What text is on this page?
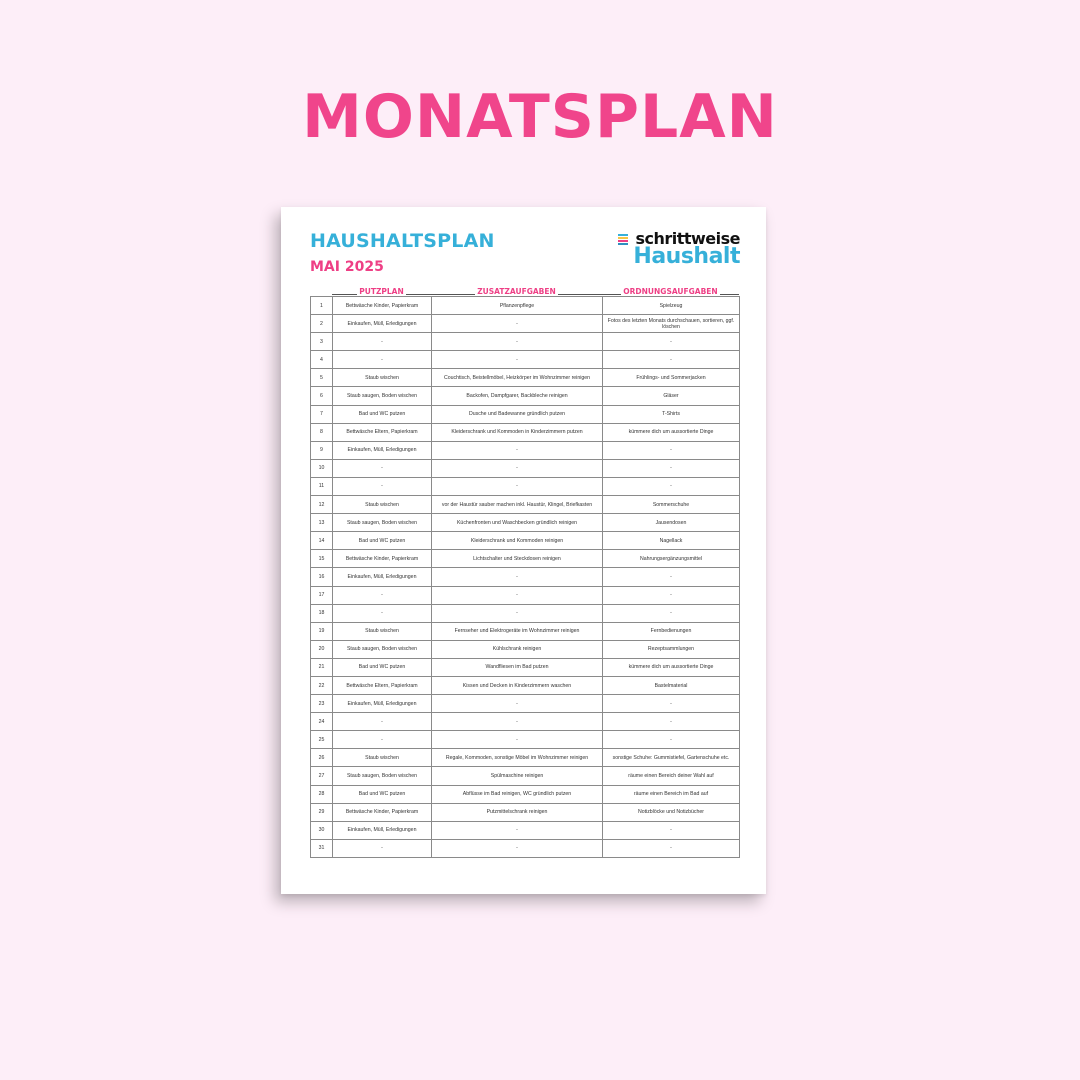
MONATSPLAN
HAUSHALTSPLAN
MAI 2025
schrittweise
Haushalt
PUTZPLAN	ZUSATZAUFGABEN	ORDNUNGSAUFGABEN
1	Bettwäsche Kinder, Papierkram	Pflanzenpflege	Spielzeug
2	Einkaufen, Müll, Erledigungen	-	Fotos des letzten Monats durchschauen, sortieren, ggf. löschen
3	-	-	-
4	-	-	-
5	Staub wischen	Couchtisch, Beistellmöbel, Heizkörper im Wohnzimmer reinigen	Frühlings- und Sommerjacken
6	Staub saugen, Boden wischen	Backofen, Dampfgarer, Backbleche reinigen	Gläser
7	Bad und WC putzen	Dusche und Badewanne gründlich putzen	T-Shirts
8	Bettwäsche Eltern, Papierkram	Kleiderschrank und Kommoden in Kinderzimmern putzen	kümmere dich um aussortierte Dinge
9	Einkaufen, Müll, Erledigungen	-	-
10	-	-	-
11	-	-	-
12	Staub wischen	vor der Haustür sauber machen inkl. Haustür, Klingel, Briefkasten	Sommerschuhe
13	Staub saugen, Boden wischen	Küchenfronten und Waschbecken gründlich reinigen	Jausendosen
14	Bad und WC putzen	Kleiderschrank und Kommoden reinigen	Nagellack
15	Bettwäsche Kinder, Papierkram	Lichtschalter und Steckdosen reinigen	Nahrungsergänzungsmittel
16	Einkaufen, Müll, Erledigungen	-	-
17	-	-	-
18	-	-	-
19	Staub wischen	Fernseher und Elektrogeräte im Wohnzimmer reinigen	Fernbedienungen
20	Staub saugen, Boden wischen	Kühlschrank reinigen	Rezeptsammlungen
21	Bad und WC putzen	Wandfliesen im Bad putzen	kümmere dich um aussortierte Dinge
22	Bettwäsche Eltern, Papierkram	Kissen und Decken in Kinderzimmern waschen	Bastelmaterial
23	Einkaufen, Müll, Erledigungen	-	-
24	-	-	-
25	-	-	-
26	Staub wischen	Regale, Kommoden, sonstige Möbel im Wohnzimmer reinigen	sonstige Schuhe: Gummistiefel, Gartenschuhe etc.
27	Staub saugen, Boden wischen	Spülmaschine reinigen	räume einen Bereich deiner Wahl auf
28	Bad und WC putzen	Abflüsse im Bad reinigen, WC gründlich putzen	räume einen Bereich im Bad auf
29	Bettwäsche Kinder, Papierkram	Putzmittelschrank reinigen	Notizblöcke und Notizbücher
30	Einkaufen, Müll, Erledigungen	-	-
31	-	-	-
